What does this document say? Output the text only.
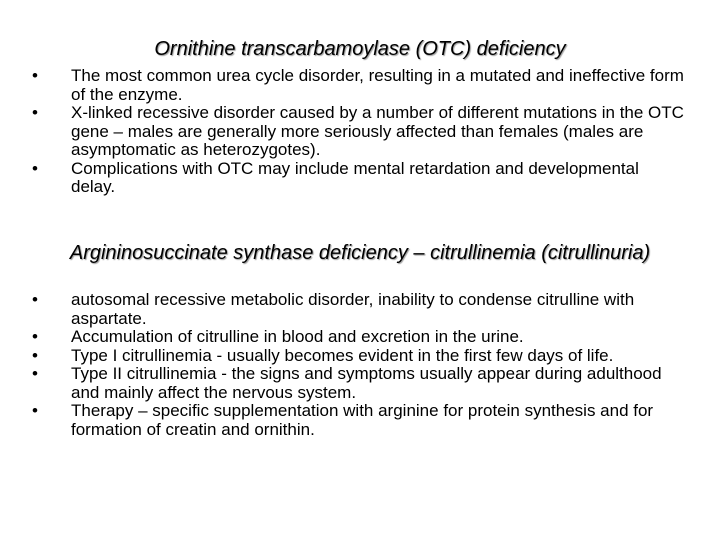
Ornithine transcarbamoylase (OTC) deficiency
• The most common urea cycle disorder, resulting in a mutated and ineffective form of the enzyme.
• X-linked recessive disorder caused by a number of different mutations in the OTC gene – males are generally more seriously affected than females (males are asymptomatic as heterozygotes).
• Complications with OTC may include mental retardation and developmental delay.
Argininosuccinate synthase deficiency – citrullinemia (citrullinuria)
• autosomal recessive metabolic disorder, inability to condense citrulline with aspartate.
• Accumulation of citrulline in blood and excretion in the urine.
• Type I citrullinemia - usually becomes evident in the first few days of life.
• Type II citrullinemia - the signs and symptoms usually appear during adulthood and mainly affect the nervous system.
• Therapy – specific supplementation with arginine for protein synthesis and for formation of creatin and ornithin.
